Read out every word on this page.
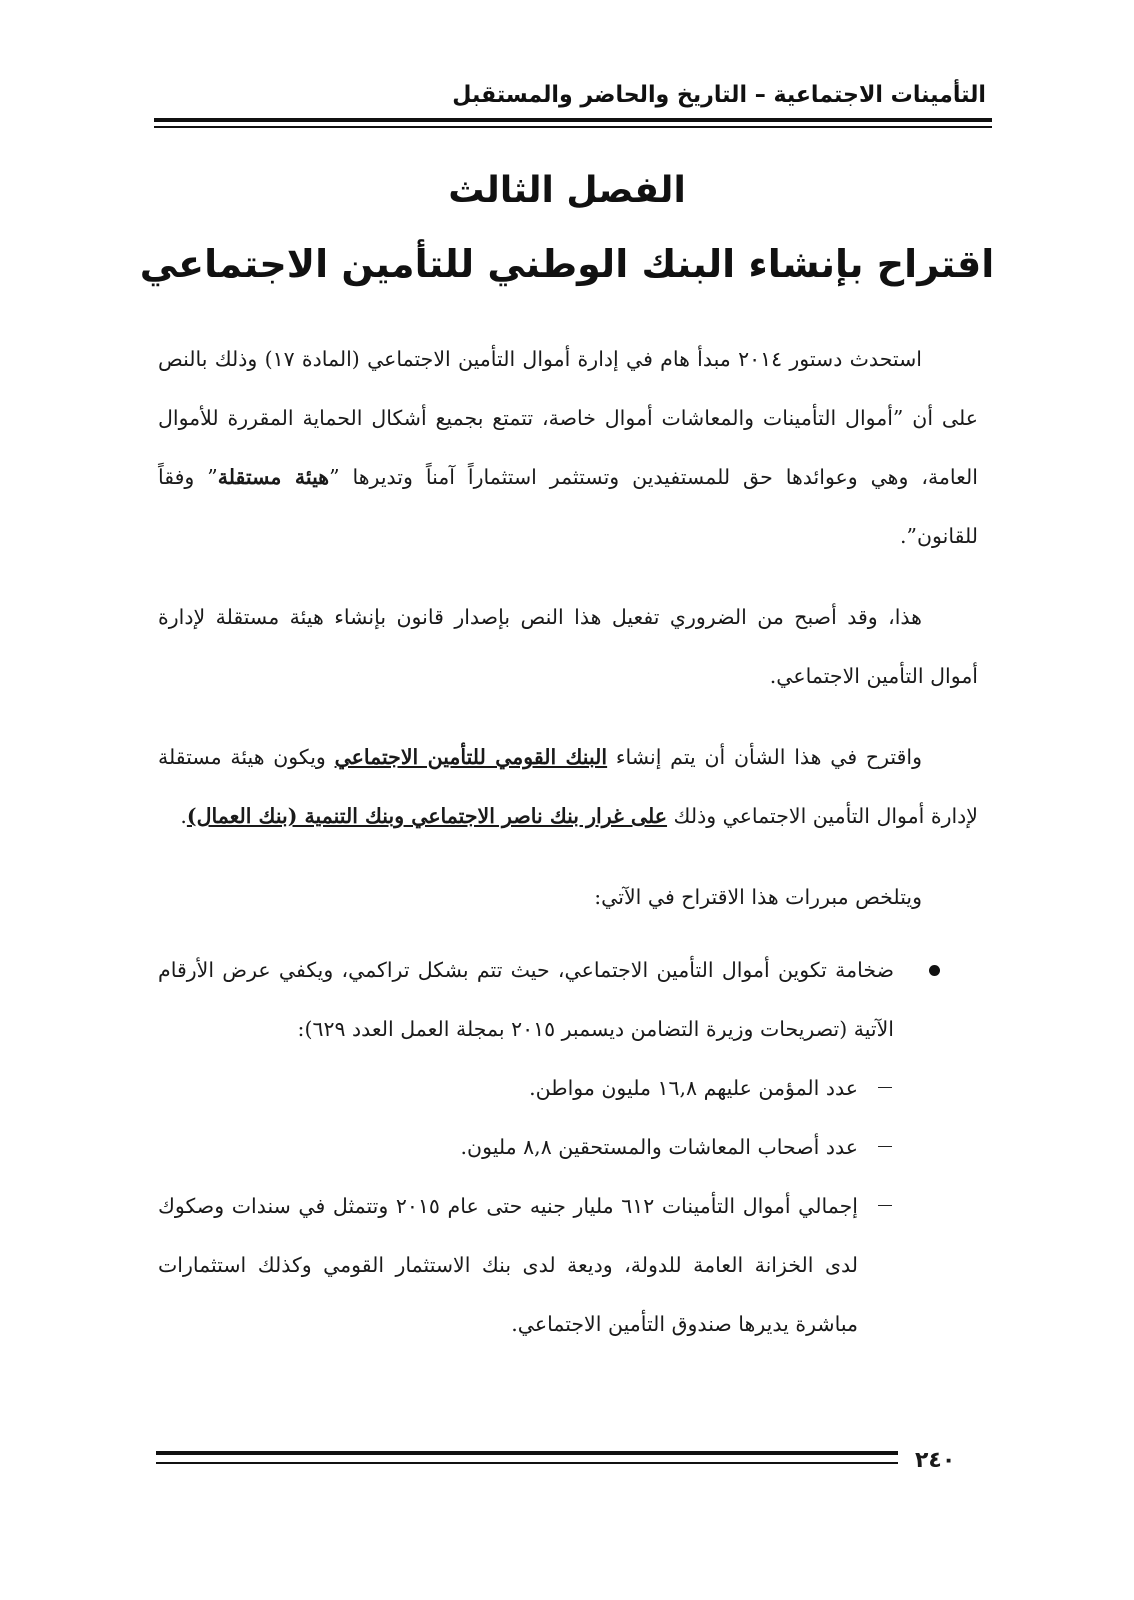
التأمينات الاجتماعية – التاريخ والحاضر والمستقبل
الفصل الثالث
اقتراح بإنشاء البنك الوطني للتأمين الاجتماعي

استحدث دستور ٢٠١٤ مبدأ هام في إدارة أموال التأمين الاجتماعي (المادة ١٧) وذلك بالنص على أن ”أموال التأمينات والمعاشات أموال خاصة، تتمتع بجميع أشكال الحماية المقررة للأموال العامة، وهي وعوائدها حق للمستفيدين وتستثمر استثماراً آمناً وتديرها ”هيئة مستقلة” وفقاً للقانون”.

هذا، وقد أصبح من الضروري تفعيل هذا النص بإصدار قانون بإنشاء هيئة مستقلة لإدارة أموال التأمين الاجتماعي.

واقترح في هذا الشأن أن يتم إنشاء البنك القومي للتأمين الاجتماعي ويكون هيئة مستقلة لإدارة أموال التأمين الاجتماعي وذلك على غرار بنك ناصر الاجتماعي وبنك التنمية (بنك العمال).

ويتلخص مبررات هذا الاقتراح في الآتي:

ضخامة تكوين أموال التأمين الاجتماعي، حيث تتم بشكل تراكمي، ويكفي عرض الأرقام الآتية (تصريحات وزيرة التضامن ديسمبر ٢٠١٥ بمجلة العمل العدد ٦٢٩):

عدد المؤمن عليهم ١٦,٨ مليون مواطن.

عدد أصحاب المعاشات والمستحقين ٨,٨ مليون.

إجمالي أموال التأمينات ٦١٢ مليار جنيه حتى عام ٢٠١٥ وتتمثل في سندات وصكوك لدى الخزانة العامة للدولة، وديعة لدى بنك الاستثمار القومي وكذلك استثمارات مباشرة يديرها صندوق التأمين الاجتماعي.

٢٤٠
